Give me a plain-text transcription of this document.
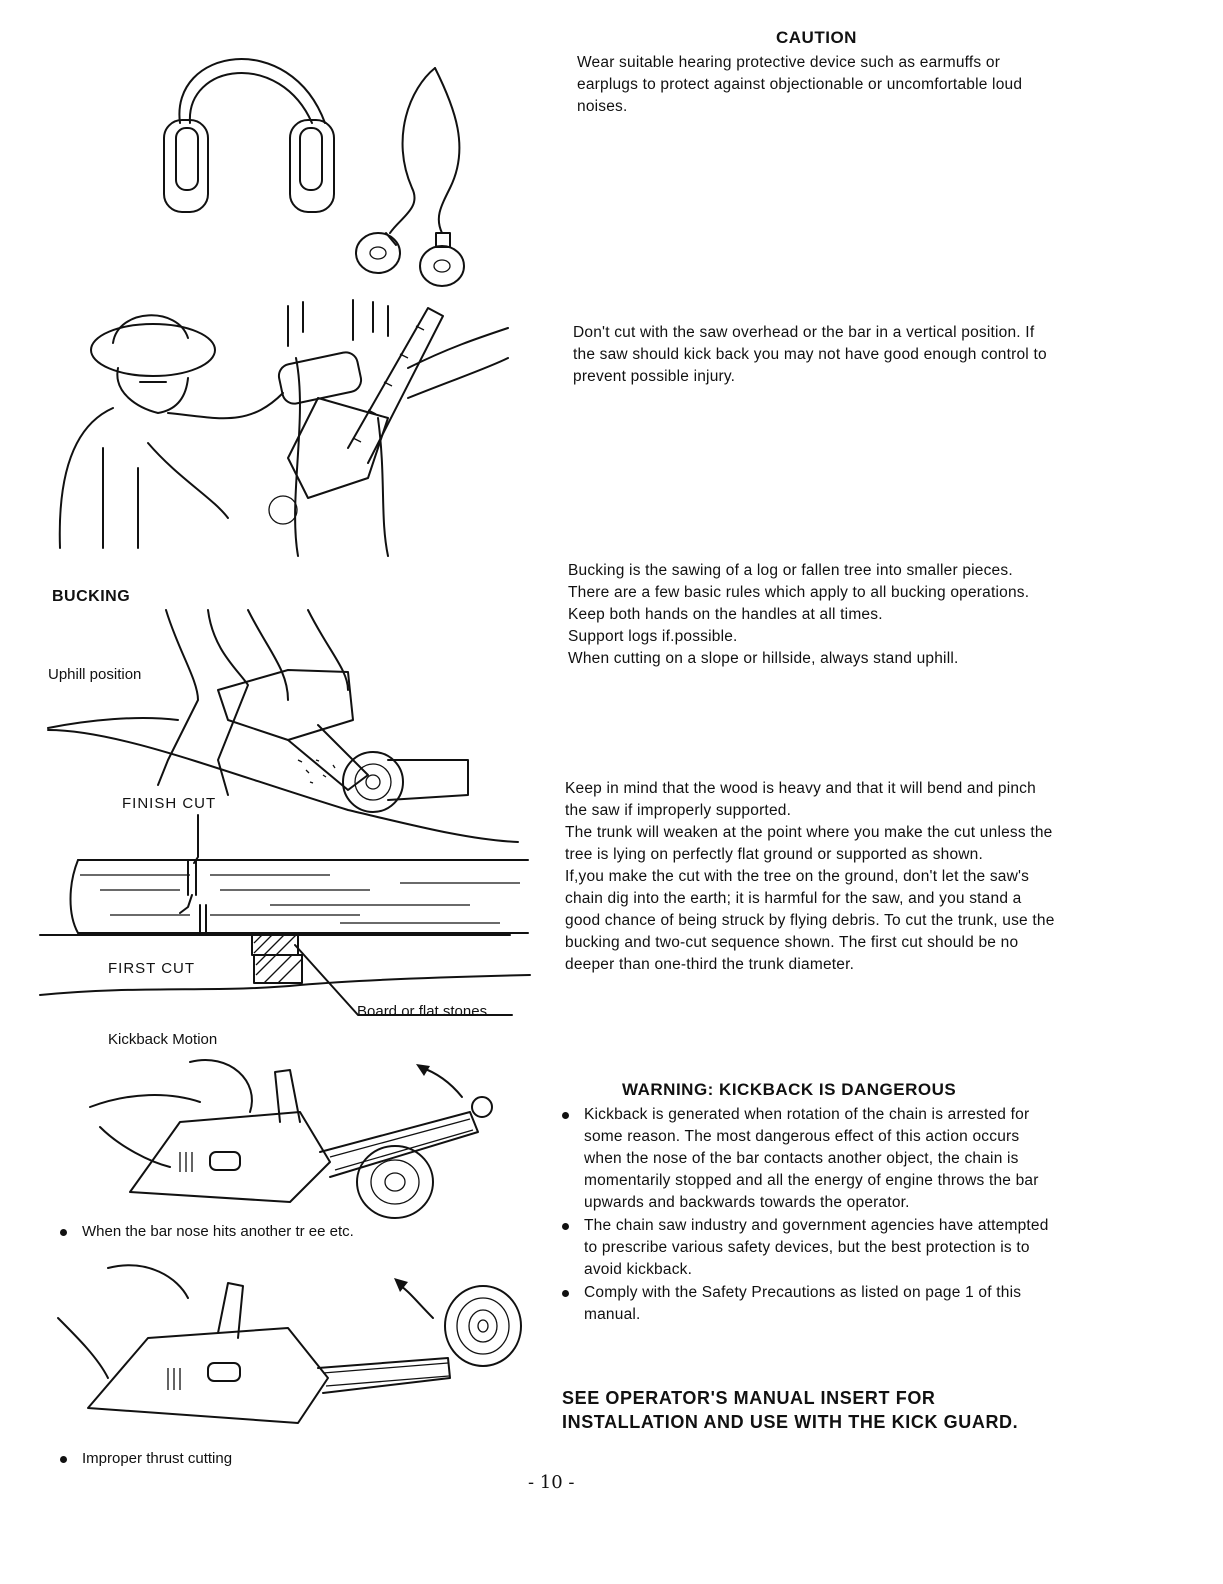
CAUTION
Wear suitable hearing protective device such as earmuffs or earplugs to protect against objectionable or uncomfortable loud noises.
Don't cut with the saw overhead or the bar in a vertical position. If the saw should kick back you may not have good enough control to prevent possible injury.

Bucking is the sawing of a log or fallen tree into smaller pieces. There are a few basic rules which apply to all bucking operations.

Keep both hands on the handles at all times.

Support logs if.possible.

When cutting on a slope or hillside, always stand uphill.

Keep in mind that the wood is heavy and that it will bend and pinch the saw if improperly supported.

The trunk will weaken at the point where you make the cut unless the tree is lying on perfectly flat ground or supported as shown.

If,you make the cut with the tree on the ground, don't let the saw's chain dig into the earth; it is harmful for the saw, and you stand a good chance of being struck by flying debris. To cut the trunk, use the bucking and two-cut sequence shown. The first cut should be no deeper than one-third the trunk diameter.

WARNING: KICKBACK IS DANGEROUS
Kickback is generated when rotation of the chain is arrested for some reason. The most dangerous effect of this action occurs when the nose of the bar contacts another object, the chain is momentarily stopped and all the energy of engine throws the bar upwards and backwards towards the operator.
The chain saw industry and government agencies have attempted to prescribe various safety devices, but the best protection is to avoid kickback.
Comply with the Safety Precautions as listed on page 1 of this manual.
SEE OPERATOR'S MANUAL INSERT FOR INSTALLATION AND USE WITH THE KICK GUARD.
- 10 -
BUCKING
Uphill position
FINISH CUT
FIRST CUT
Board or flat stones
Kickback Motion
When the bar nose hits another tr ee etc.
Improper thrust cutting
